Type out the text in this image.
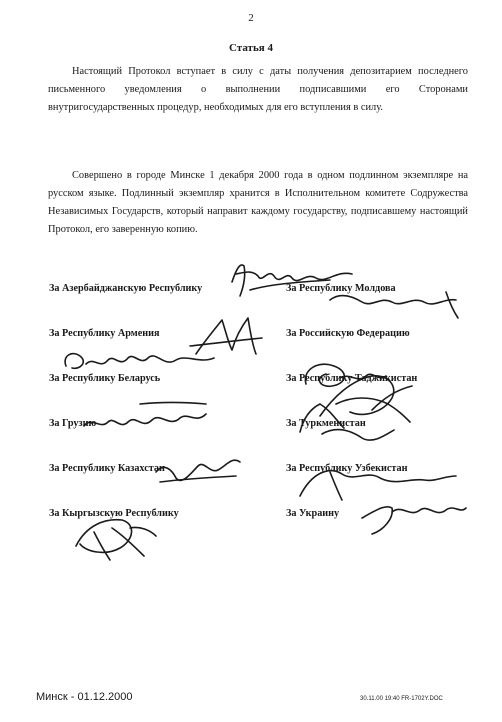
2
Статья 4
Настоящий Протокол вступает в силу с даты получения депозитарием последнего письменного уведомления о выполнении подписавшими его Сторонами внутригосударственных процедур, необходимых для его вступления в силу.
Совершено в городе Минске 1 декабря 2000 года в одном подлинном экземпляре на русском языке. Подлинный экземпляр хранится в Исполнительном комитете Содружества Независимых Государств, который направит каждому государству, подписавшему настоящий Протокол, его заверенную копию.
За Азербайджанскую Республику
За Республику Армения
За Республику Беларусь
За Грузию
За Республику Казахстан
За Кыргызскую Республику
За Республику Молдова
За Российскую Федерацию
За Республику Таджикистан
За Туркменистан
За Республику Узбекистан
За Украину
Минск - 01.12.2000	30.11.00 19:40 FR-1702Y.DOC
